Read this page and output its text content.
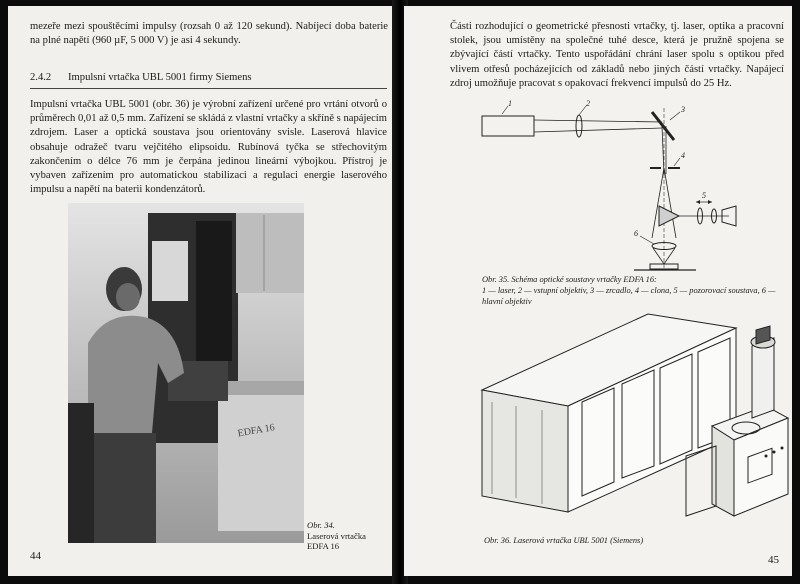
mezeře mezi spouštěcími impulsy (rozsah 0 až 120 sekund). Nabíjecí doba baterie na plné napětí (960 µF, 5 000 V) je asi 4 sekundy.
2.4.2 Impulsní vrtačka UBL 5001 firmy Siemens
Impulsní vrtačka UBL 5001 (obr. 36) je výrobní zařízení určené pro vrtání otvorů o průměrech 0,01 až 0,5 mm. Zařízení se skládá z vlastní vrtačky a skříně s napájecím zdrojem. Laser a optická soustava jsou orientovány svisle. Laserová hlavice obsahuje odražeč tvaru vejčitého elipsoidu. Rubínová tyčka se střechovitým zakončením o délce 76 mm je čerpána jedinou lineární výbojkou. Přístroj je vybaven zařízením pro automatickou stabilizaci a regulaci energie laserového impulsu a napětí na baterii kondenzátorů.
EDFA 16
Obr. 34.
Laserová vrtačka
EDFA 16
44
Části rozhodující o geometrické přesnosti vrtačky, tj. laser, optika a pracovní stolek, jsou umístěny na společné tuhé desce, která je pružně spojena se zbývající částí vrtačky. Tento uspořádání chrání laser spolu s optikou před vlivem otřesů pocházejících od základů nebo jiných částí vrtačky. Napájecí zdroj umožňuje pracovat s opakovací frekvencí impulsů do 25 Hz.
1	2
3
4
5
6
Obr. 35. Schéma optické soustavy vrtačky EDFA 16:
1 — laser, 2 — vstupní objektiv, 3 — zrcadlo, 4 — clona, 5 — pozorovací soustava, 6 — hlavní objektiv
Obr. 36. Laserová vrtačka UBL 5001 (Siemens)
45
